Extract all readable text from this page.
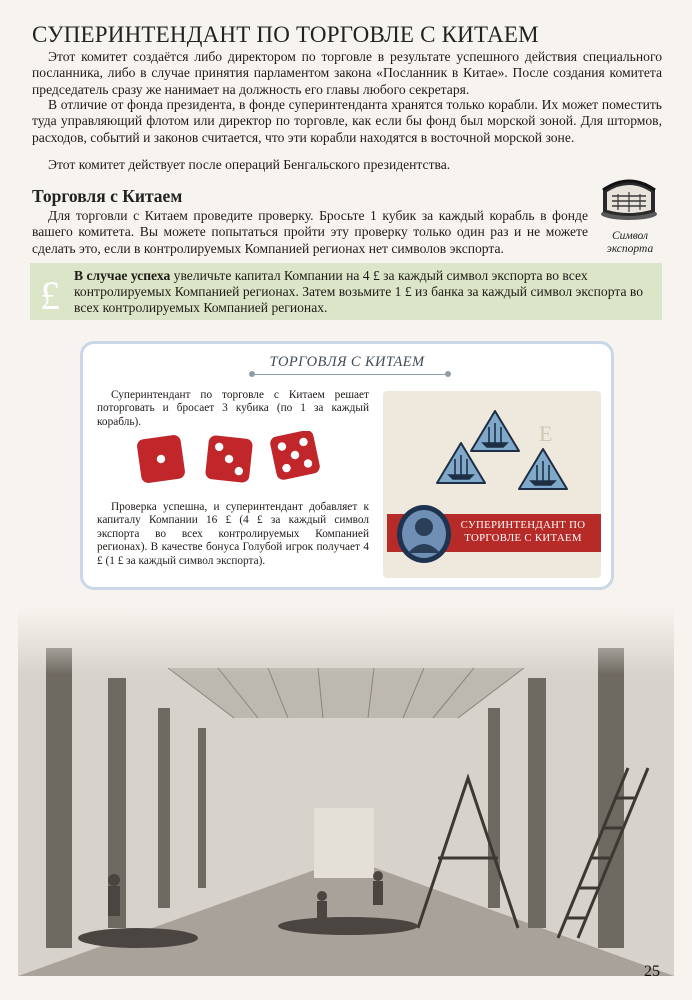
СУПЕРИНТЕНДАНТ ПО ТОРГОВЛЕ С КИТАЕМ

Этот комитет создаётся либо директором по торговле в результате успешного действия специального посланника, либо в случае принятия парламентом закона «Посланник в Китае». После создания комитета председатель сразу же нанимает на должность его главы любого секретаря.

В отличие от фонда президента, в фонде суперинтенданта хранятся только корабли. Их может поместить туда управляющий флотом или директор по торговле, как если бы фонд был морской зоной. Для штормов, расходов, событий и законов считается, что эти корабли находятся в восточной морской зоне.

Этот комитет действует после операций Бенгальского президентства.

Торговля с Китаем

Для торговли с Китаем проведите проверку. Бросьте 1 кубик за каждый корабль в фонде вашего комитета. Вы можете попытаться пройти эту проверку только один раз и не можете сделать это, если в контролируемых Компанией регионах нет символов экспорта.

Символ экспорта
£ В случае успеха увеличьте капитал Компании на 4 £ за каждый символ экспорта во всех контролируемых Компанией регионах. Затем возьмите 1 £ из банка за каждый символ экспорта во всех контролируемых Компанией регионах.

ТОРГОВЛЯ С КИТАЕМ

Суперинтендант по торговле с Китаем решает поторговать и бросает 3 кубика (по 1 за каждый корабль).

Проверка успешна, и суперинтендант добавляет к капиталу Компании 16 £ (4 £ за каждый символ экспорта во всех контролируемых Компанией регионах). В качестве бонуса Голубой игрок получает 4 £ (1 £ за каждый символ экспорта).

E
СУПЕРИНТЕНДАНТ ПО ТОРГОВЛЕ С КИТАЕМ
25
